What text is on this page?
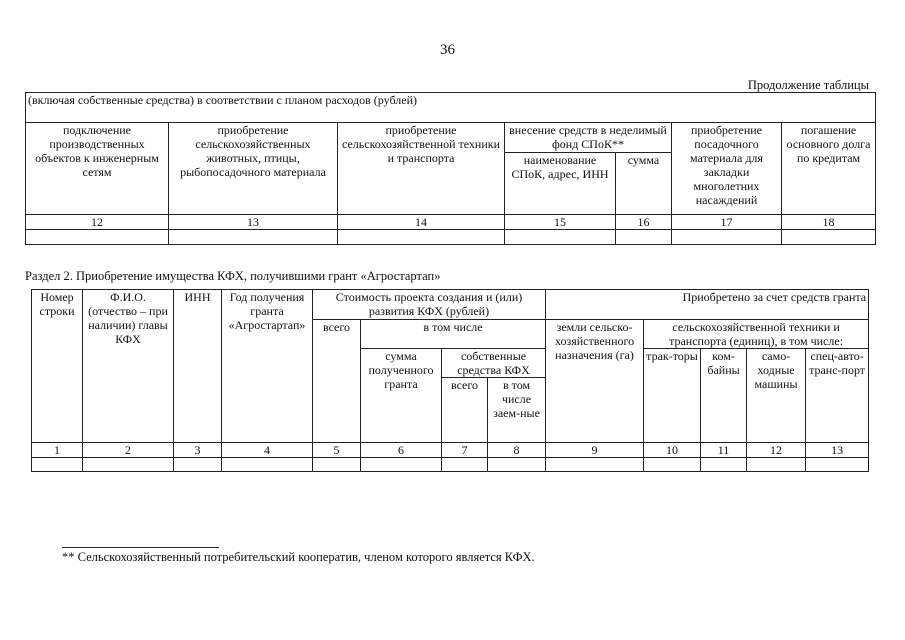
36
Продолжение таблицы
(включая собственные средства) в соответствии с планом расходов (рублей)						
подключение производственных объектов к инженерным сетям	приобретение сельскохозяйственных животных, птицы, рыбопосадочного материала	приобретение сельскохозяйственной техники и транспорта	внесение средств в неделимый фонд СПоК**		приобретение посадочного материала для закладки многолетних насаждений	погашение основного долга по кредитам
			наименование СПоК, адрес, ИНН	сумма		
12	13	14	15	16	17	18

Раздел 2. Приобретение имущества КФХ, получившими грант «Агростартап»
Номер строки	Ф.И.О. (отчество – при наличии) главы КФХ	ИНН	Год получения гранта «Агростартап»	Стоимость проекта создания и (или) развития КФХ (рублей)				Приобретено за счет средств гранта				
				всего	в том числе			земли сельско-хозяйственного назначения (га)	сельскохозяйственной техники и транспорта (единиц), в том числе:			
					сумма полученного гранта	собственные средства КФХ			трак-торы	ком-байны	само-ходные машины	спец-авто-транс-порт
						всего	в том числе заем-ные					
1	2	3	4	5	6	7	8	9	10	11	12	13

** Сельскохозяйственный потребительский кооператив, членом которого является КФХ.
